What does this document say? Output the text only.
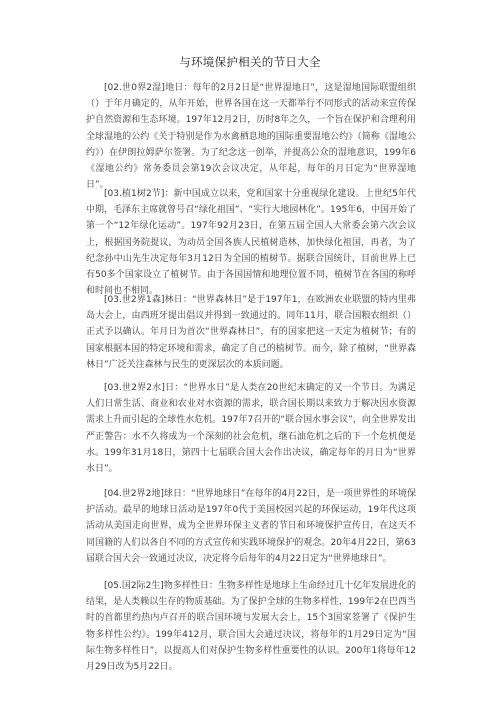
与环境保护相关的节日大全

[02.世0界2湿]地日：每年的2月2日是“世界湿地日”，这是湿地国际联盟组织（）于年月确定的，从年开始，世界各国在这一天都举行不同形式的活动来宣传保护自然资源和生态环境。197年12月2日，历时8年之久，一个旨在保护和合理利用全球湿地的公约《关于特别是作为水禽栖息地的国际重要湿地公约》（简称《湿地公约》）在伊朗拉姆萨尔签署。为了纪念这一创举，并提高公众的湿地意识，199年6《湿地公约》常务委员会第19次会议决定，从年起，每年的月日定为“世界湿地日”。

[03.植1树2节]：新中国成立以来，党和国家十分重视绿化建设。上世纪5年代中期，毛泽东主席就曾号召“绿化祖国”、“实行大地园林化”。195年6，中国开始了第一个“12年绿化运动”。197年92月23日，在第五届全国人大常委会第六次会议上，根据国务院提议，为动员全国各族人民植树造林，加快绿化祖国，再者，为了纪念孙中山先生决定每年3月12日为全国的植树节。据联合国统计，目前世界上已有50多个国家设立了植树节。由于各国国情和地理位置不同，植树节在各国的称呼和时间也不相同。

[03.世2界1森]林日：“世界森林日”是于197年1，在欧洲农业联盟的特内里弗岛大会上，由西班牙提出倡议并得到一致通过的。同年11月，联合国粮农组织（）正式予以确认。年月日为首次“世界森林日”，有的国家把这一天定为植树节；有的国家根据本国的特定环境和需求，确定了自己的植树节。而今，除了植树，“世界森林日”广泛关注森林与民生的更深层次的本质问题。

[03.世2界2水]日：“世界水日”是人类在20世纪末确定的又一个节日。为满足人们日常生活、商业和农业对水资源的需求，联合国长期以来致力于解决因水资源需求上升而引起的全球性水危机。197年7召开的“联合国水事会议”，向全世界发出严正警告：水不久将成为一个深刻的社会危机，继石油危机之后的下一个危机便是水。199年31月18日，第四十七届联合国大会作出决议，确定每年的月日为“世界水日”。

[04.世2界2地]球日：“世界地球日”在每年的4月22日，是一项世界性的环境保护活动。最早的地球日活动是197年0代于美国校园兴起的环保运动，19年代这项活动从美国走向世界，成为全世界环保主义者的节日和环境保护宣传日，在这天不同国籍的人们以各自不同的方式宣传和实践环境保护的观念。20年4月22日，第63届联合国大会一致通过决议，决定将今后每年的4月22日定为“世界地球日”。

[05.国2际2生]物多样性日：生物多样性是地球上生命经过几十亿年发展进化的结果，是人类赖以生存的物质基础。为了保护全球的生物多样性，199年2在巴西当时的首都里约热内卢召开的联合国环境与发展大会上，15个3国家签署了《保护生物多样性公约》。199年412月，联合国大会通过决议，将每年的1月29日定为“国际生物多样性日”，以提高人们对保护生物多样性重要性的认识。200年1将每年12月29日改为5月22日。
